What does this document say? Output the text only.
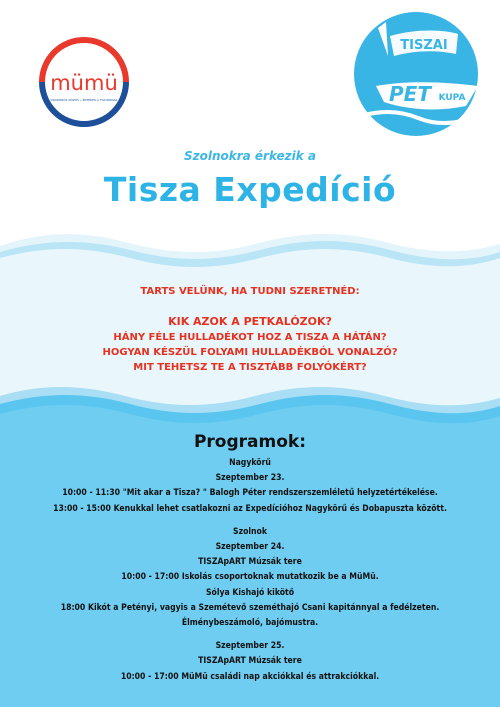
mümü
ÖKOKÖRÖS KÖZÖS • ÉRTÉKEK A FOLYÓKNAK
TISZAI
PET KUPA
®
Szolnokra érkezik a
Tisza Expedíció
TARTS VELÜNK, HA TUDNI SZERETNÉD:
KIK AZOK A PETKALÓZOK?
HÁNY FÉLE HULLADÉKOT HOZ A TISZA A HÁTÁN?
HOGYAN KÉSZÜL FOLYAMI HULLADÉKBÓL VONALZÓ?
MIT TEHETSZ TE A TISZTÁBB FOLYÓKÉRT?
Programok:
Nagykörű
Szeptember 23.
10:00 - 11:30 "Mit akar a Tisza? " Balogh Péter rendszerszemléletű helyzetértékelése.
13:00 - 15:00 Kenukkal lehet csatlakozni az Expedícióhoz Nagykörű és Dobapuszta között.
Szolnok
Szeptember 24.
TISZApART Múzsák tere
10:00 - 17:00 Iskolás csoportoknak mutatkozik be a MüMü.
Sólya Kishajó kikötő
18:00 Kikót a Petényi, vagyis a Szemétevő szeméthajó Csani kapitánnyal a fedélzeten.
Élménybeszámoló, bajómustra.
Szeptember 25.
TISZApART Múzsák tere
10:00 - 17:00 MüMü családi nap akciókkal és attrakciókkal.
